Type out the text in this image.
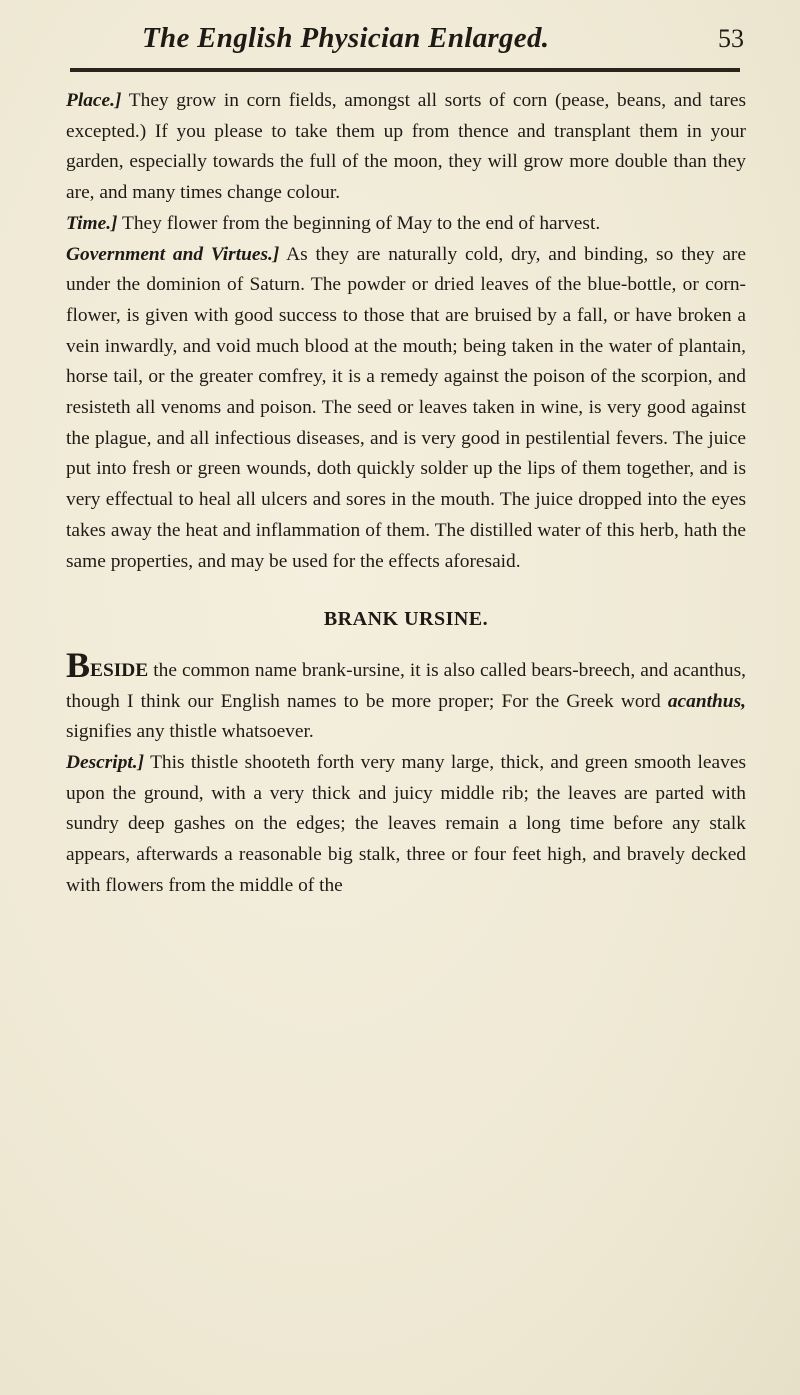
The English Physician Enlarged.	53

Place.] They grow in corn fields, amongst all sorts of corn (pease, beans, and tares excepted.) If you please to take them up from thence and transplant them in your garden, especially towards the full of the moon, they will grow more double than they are, and many times change colour.

Time.] They flower from the beginning of May to the end of harvest.

Government and Virtues.] As they are naturally cold, dry, and binding, so they are under the dominion of Saturn. The powder or dried leaves of the blue-bottle, or corn-flower, is given with good success to those that are bruised by a fall, or have broken a vein inwardly, and void much blood at the mouth; being taken in the water of plantain, horse tail, or the greater comfrey, it is a remedy against the poison of the scorpion, and resisteth all venoms and poison. The seed or leaves taken in wine, is very good against the plague, and all infectious diseases, and is very good in pestilential fevers. The juice put into fresh or green wounds, doth quickly solder up the lips of them together, and is very effectual to heal all ulcers and sores in the mouth. The juice dropped into the eyes takes away the heat and inflammation of them. The distilled water of this herb, hath the same properties, and may be used for the effects aforesaid.

BRANK URSINE.

BESIDE the common name brank-ursine, it is also called bears-breech, and acanthus, though I think our English names to be more proper; For the Greek word acanthus, signifies any thistle whatsoever.

Descript.] This thistle shooteth forth very many large, thick, and green smooth leaves upon the ground, with a very thick and juicy middle rib; the leaves are parted with sundry deep gashes on the edges; the leaves remain a long time before any stalk appears, afterwards a reasonable big stalk, three or four feet high, and bravely decked with flowers from the middle of the
